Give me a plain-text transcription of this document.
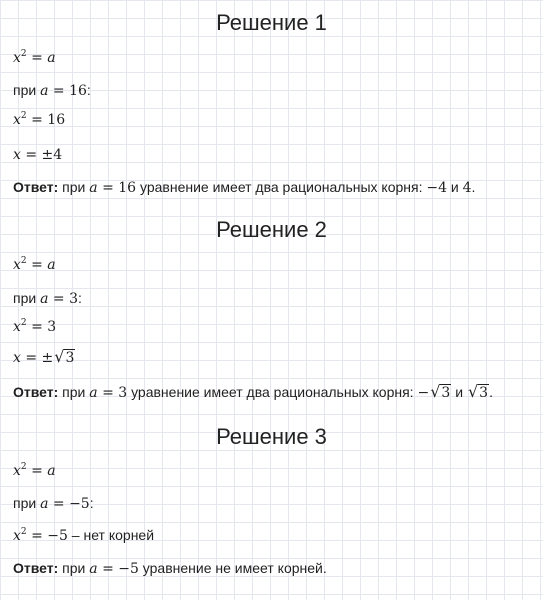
Решение 1
$x^2 = a$
при a = 16:
$x^2 = 16$
x = ±4
Ответ: при a = 16 уравнение имеет два рациональных корня: −4 и 4.
Решение 2
$x^2 = a$
при a = 3:
$x^2 = 3$
x = ±√3
Ответ: при a = 3 уравнение имеет два рациональных корня: −√3 и √3.
Решение 3
$x^2 = a$
при a = −5:
$x^2 = -5$ – нет корней
Ответ: при a = −5 уравнение не имеет корней.
